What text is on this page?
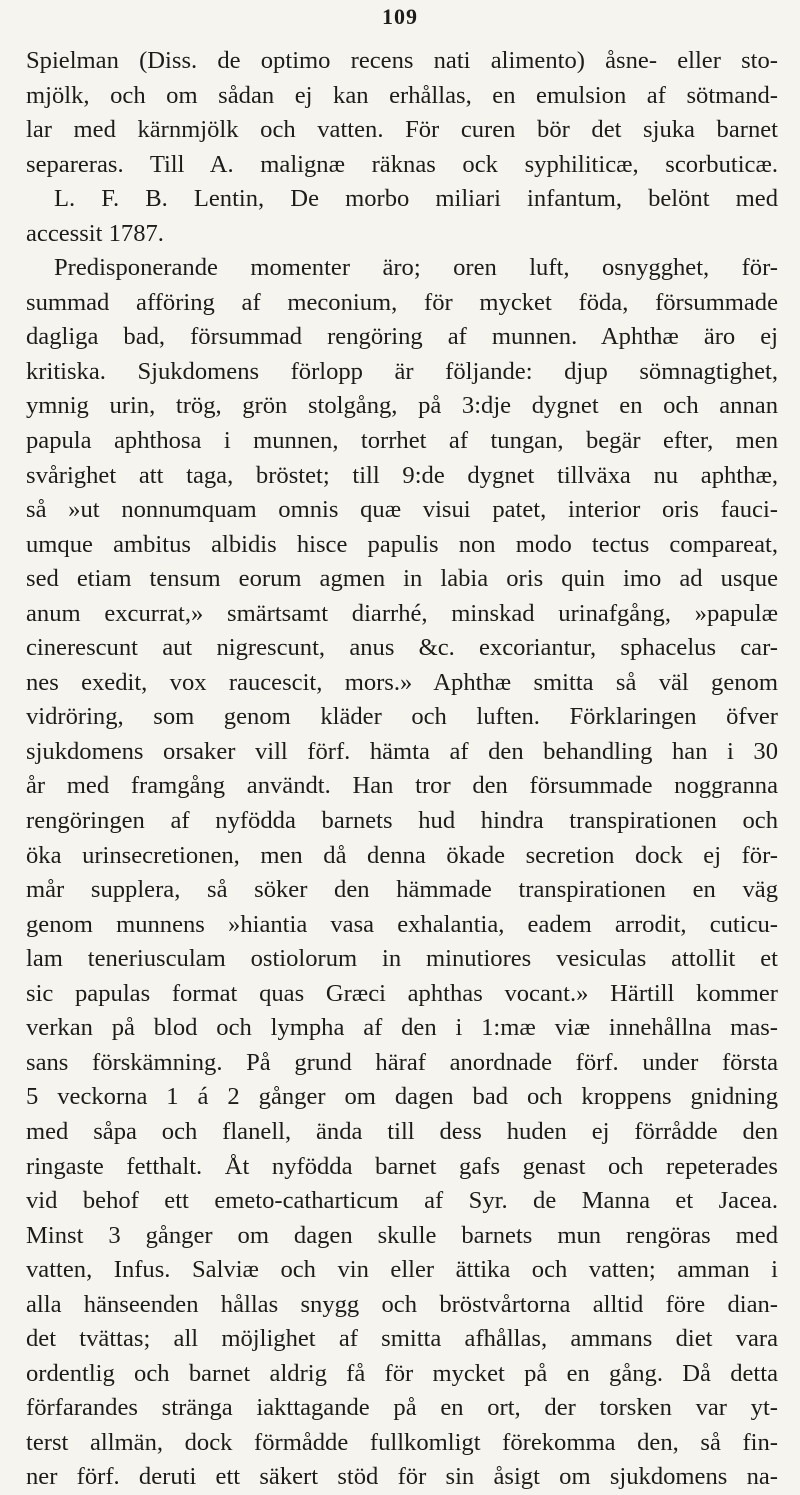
109

Spielman (Diss. de optimo recens nati alimento) åsne- eller sto-
mjölk, och om sådan ej kan erhållas, en emulsion af sötmand-
lar med kärnmjölk och vatten. För curen bör det sjuka barnet
separeras. Till A. malignæ räknas ock syphiliticæ, scorbuticæ.

L. F. B. Lentin, De morbo miliari infantum, belönt med
accessit 1787.

Predisponerande momenter äro; oren luft, osnygghet, för-
summad afföring af meconium, för mycket föda, försummade
dagliga bad, försummad rengöring af munnen. Aphthæ äro ej
kritiska. Sjukdomens förlopp är följande: djup sömnagtighet,
ymnig urin, trög, grön stolgång, på 3:dje dygnet en och annan
papula aphthosa i munnen, torrhet af tungan, begär efter, men
svårighet att taga, bröstet; till 9:de dygnet tillväxa nu aphthæ,
så »ut nonnumquam omnis quæ visui patet, interior oris fauci-
umque ambitus albidis hisce papulis non modo tectus compareat,
sed etiam tensum eorum agmen in labia oris quin imo ad usque
anum excurrat,» smärtsamt diarrhé, minskad urinafgång, »papulæ
cinerescunt aut nigrescunt, anus &c. excoriantur, sphacelus car-
nes exedit, vox raucescit, mors.» Aphthæ smitta så väl genom
vidröring, som genom kläder och luften. Förklaringen öfver
sjukdomens orsaker vill förf. hämta af den behandling han i 30
år med framgång användt. Han tror den försummade noggranna
rengöringen af nyfödda barnets hud hindra transpirationen och
öka urinsecretionen, men då denna ökade secretion dock ej för-
mår supplera, så söker den hämmade transpirationen en väg
genom munnens »hiantia vasa exhalantia, eadem arrodit, cuticu-
lam teneriusculam ostiolorum in minutiores vesiculas attollit et
sic papulas format quas Græci aphthas vocant.» Härtill kommer
verkan på blod och lympha af den i 1:mæ viæ innehållna mas-
sans förskämning. På grund häraf anordnade förf. under första
5 veckorna 1 á 2 gånger om dagen bad och kroppens gnidning
med såpa och flanell, ända till dess huden ej förrådde den
ringaste fetthalt. Åt nyfödda barnet gafs genast och repeterades
vid behof ett emeto-catharticum af Syr. de Manna et Jacea.
Minst 3 gånger om dagen skulle barnets mun rengöras med
vatten, Infus. Salviæ och vin eller ättika och vatten; amman i
alla hänseenden hållas snygg och bröstvårtorna alltid före dian-
det tvättas; all möjlighet af smitta afhållas, ammans diet vara
ordentlig och barnet aldrig få för mycket på en gång. Då detta
förfarandes stränga iakttagande på en ort, der torsken var yt-
terst allmän, dock förmådde fullkomligt förekomma den, så fin-
ner förf. deruti ett säkert stöd för sin åsigt om sjukdomens na-
